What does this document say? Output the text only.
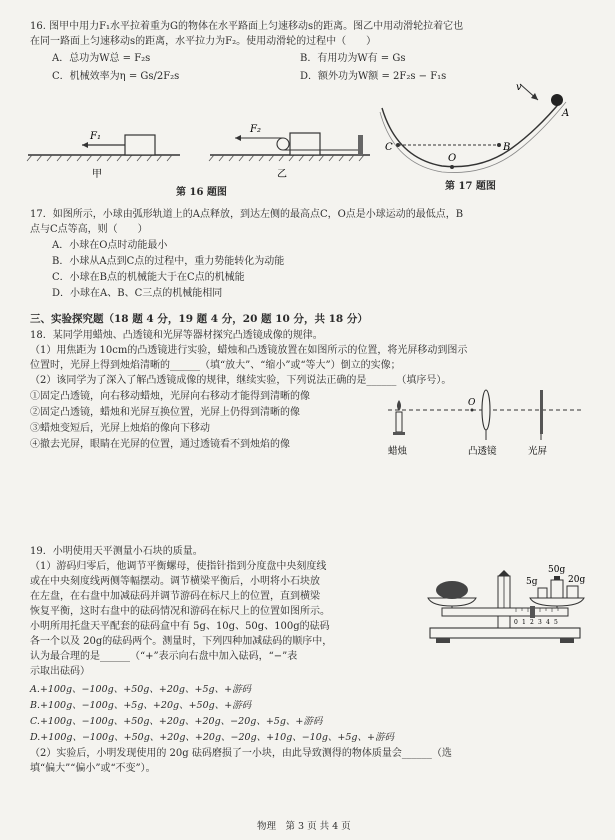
16. 图甲中用力F₁水平拉着重为G的物体在水平路面上匀速移动s的距离。图乙中用动滑轮拉着它也
在同一路面上匀速移动s的距离，水平拉力为F₂。使用动滑轮的过程中（　　）
A．总功为W总 = F₂s	B．有用功为W有 = Gs
C．机械效率为η = Gs/2F₂s	D．额外功为W额 = 2F₂s − F₁s
F₁
甲
F₂
乙
第 16 题图
v
A
B
C
O
第 17 题图
17．如图所示，小球由弧形轨道上的A点释放，到达左侧的最高点C，O点是小球运动的最低点，B
点与C点等高，则（　　）
A．小球在O点时动能最小
B．小球从A点到C点的过程中，重力势能转化为动能
C．小球在B点的机械能大于在C点的机械能
D．小球在A、B、C三点的机械能相同
三、实验探究题（18 题 4 分，19 题 4 分，20 题 10 分，共 18 分）
18．某同学用蜡烛、凸透镜和光屏等器材探究凸透镜成像的规律。
（1）用焦距为 10cm的凸透镜进行实验，蜡烛和凸透镜放置在如图所示的位置，将光屏移动到图示
位置时，光屏上得到烛焰清晰的______（填“放大”、“缩小”或“等大”）倒立的实像；
（2）该同学为了深入了解凸透镜成像的规律，继续实验，下列说法正确的是______（填序号）。
①固定凸透镜，向右移动蜡烛，光屏向右移动才能得到清晰的像
②固定凸透镜，蜡烛和光屏互换位置，光屏上仍得到清晰的像
③蜡烛变短后，光屏上烛焰的像向下移动
④撤去光屏，眼睛在光屏的位置，通过透镜看不到烛焰的像
O
蜡烛	凸透镜	光屏
19．小明使用天平测量小石块的质量。
（1）游码归零后，他调节平衡螺母，使指针指到分度盘中央刻度线
或在中央刻度线两侧等幅摆动。调节横梁平衡后，小明将小石块放
在左盘，在右盘中加减砝码并调节游码在标尺上的位置，直到横梁
恢复平衡，这时右盘中的砝码情况和游码在标尺上的位置如图所示。
小明所用托盘天平配套的砝码盒中有 5g、10g、50g、100g的砝码
各一个以及 20g的砝码两个。测量时，下列四种加减砝码的顺序中，
认为最合理的是______（“+”表示向右盘中加入砝码，“−”表
示取出砝码）
A.+100g、−100g、+50g、+20g、+5g、+游码
B.+100g、−100g、+5g、+20g、+50g、+游码
C.+100g、−100g、+50g、+20g、+20g、−20g、+5g、+游码
D.+100g、−100g、+50g、+20g、+20g、−20g、+10g、−10g、+5g、+游码
（2）实验后，小明发现使用的 20g 砝码磨损了一小块，由此导致测得的物体质量会______（选
填“偏大”“偏小”或“不变”）。
0 1 2 3 4 5
50g
5g	20g
物理　第 3 页 共 4 页
